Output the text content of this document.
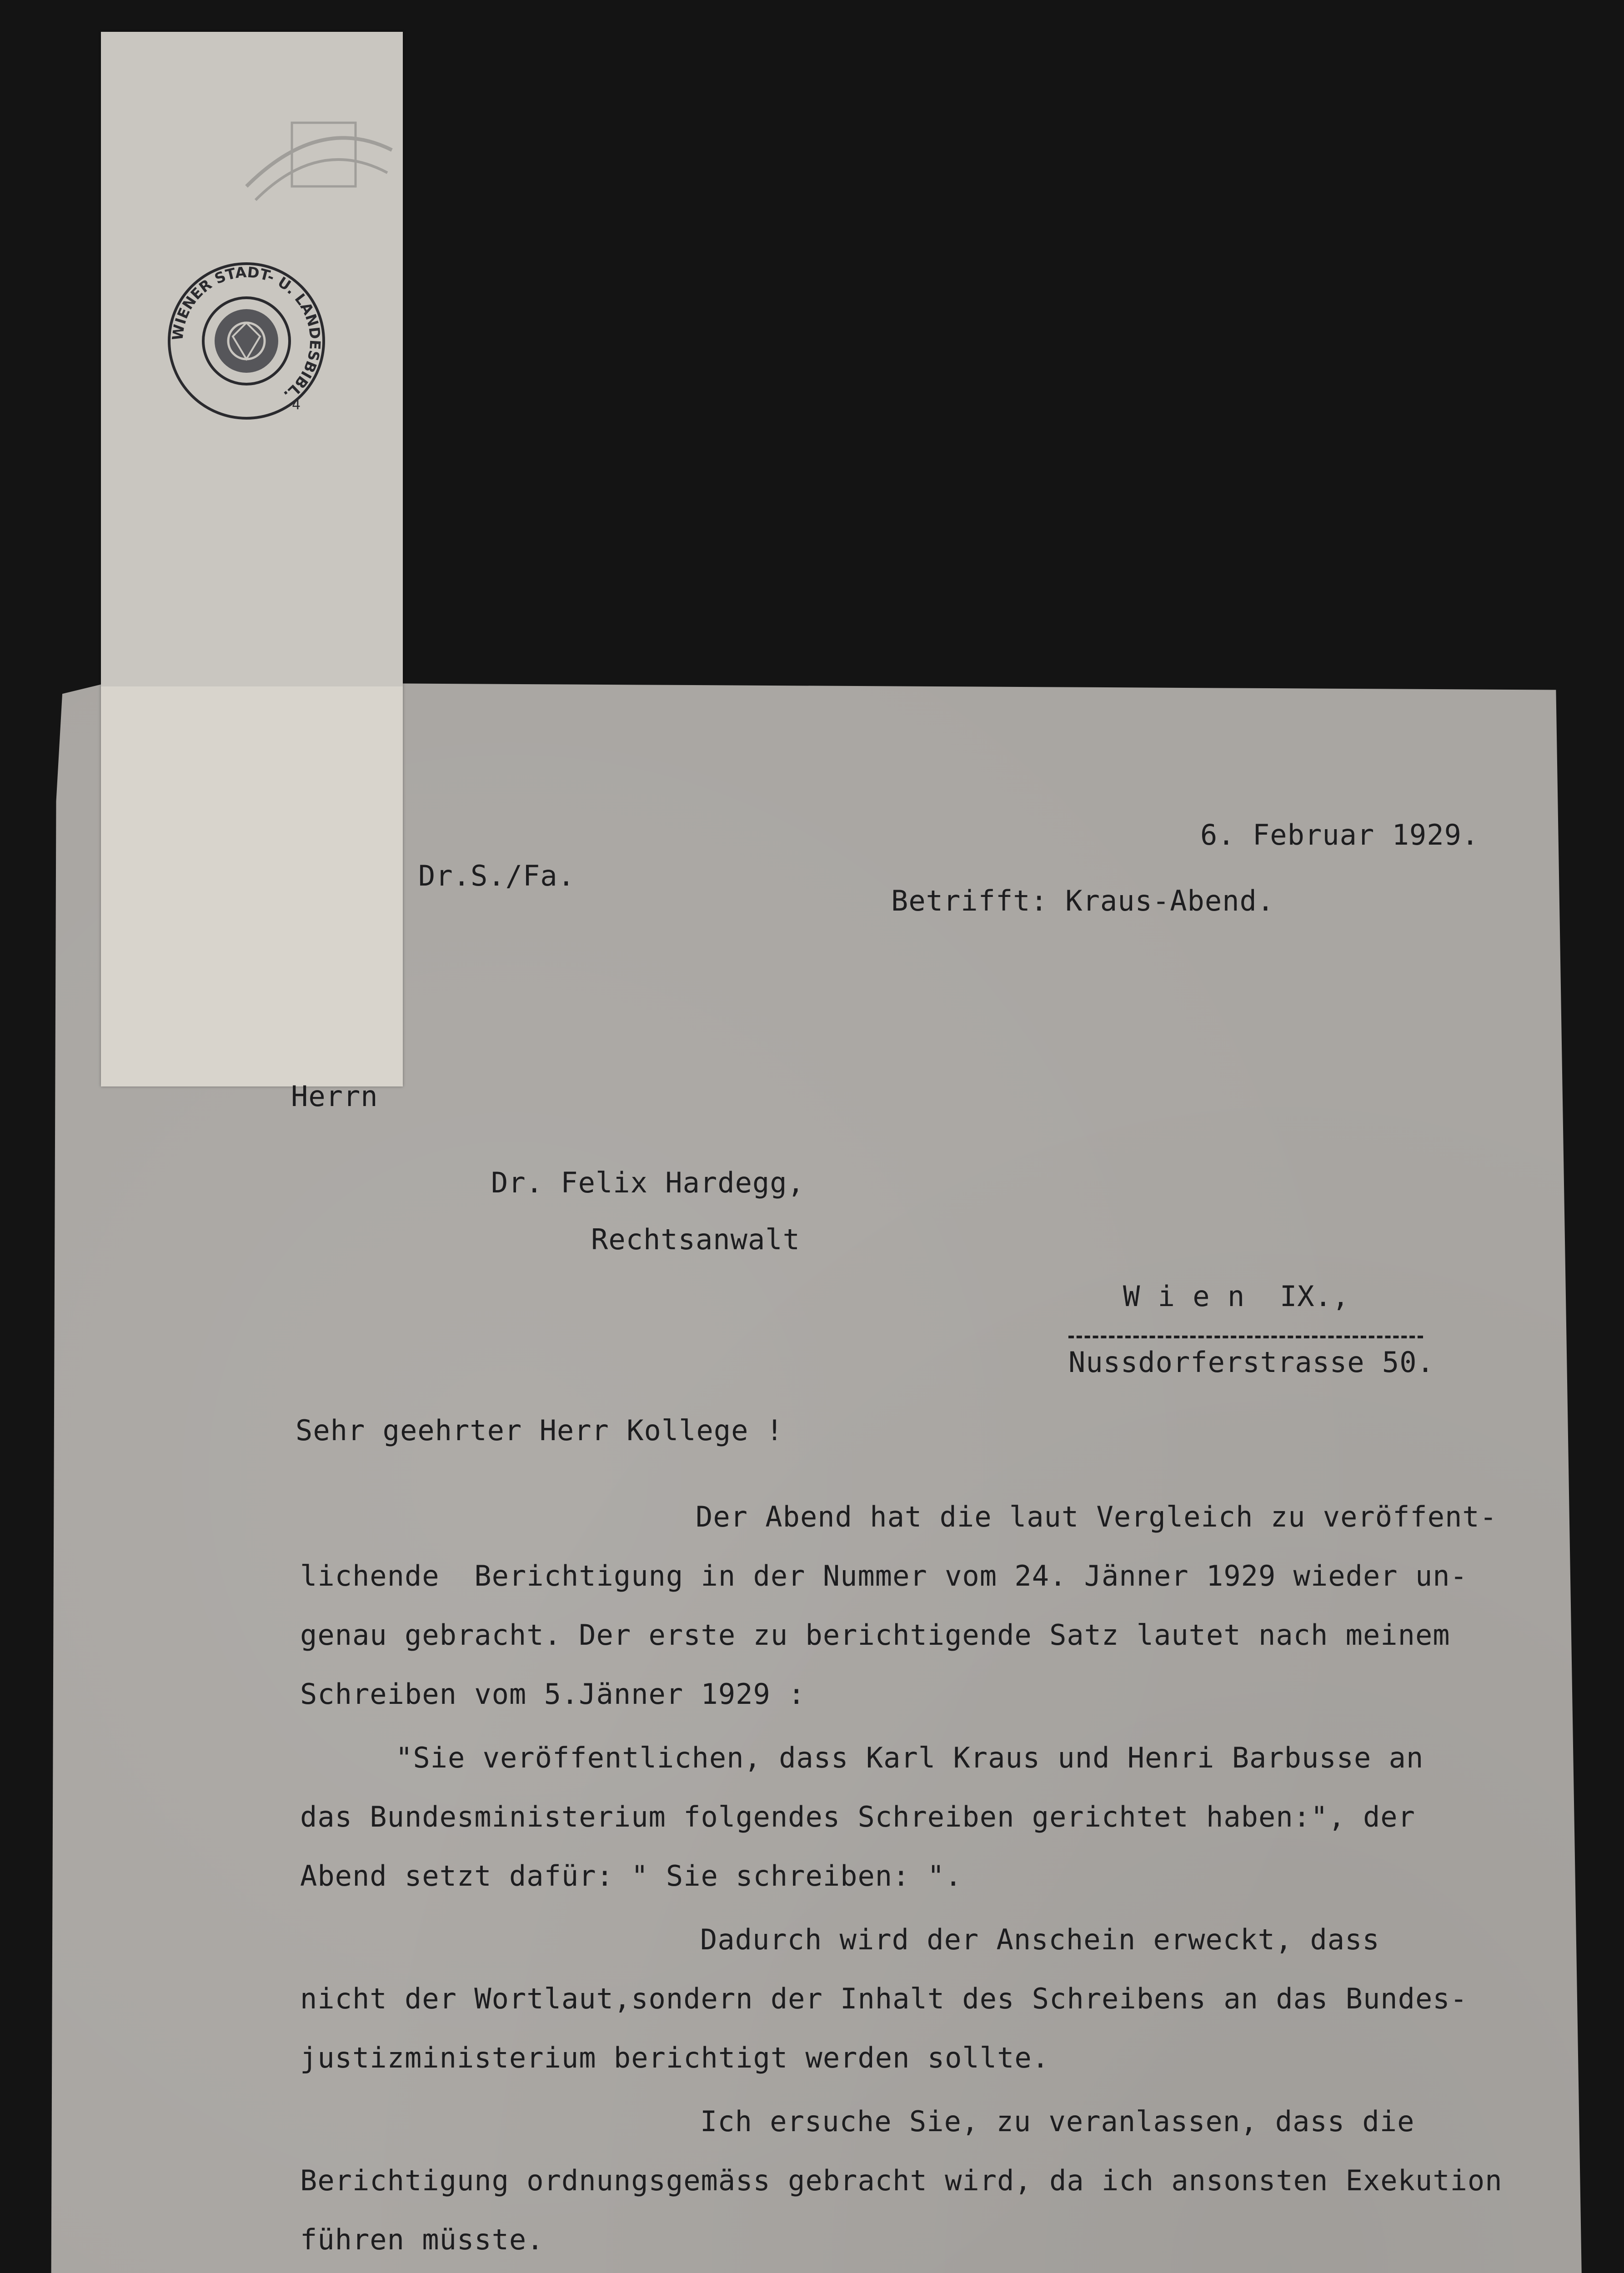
WIENER STADT- U. LANDESBIBL.
4
6. Februar 1929.
Dr.S./Fa.
Betrifft: Kraus-Abend.
Herrn
Dr. Felix Hardegg,
Rechtsanwalt
W i e n  IX.,
Nussdorferstrasse 50.
Sehr geehrter Herr Kollege !
Der Abend hat die laut Vergleich zu veröffent-
lichende  Berichtigung in der Nummer vom 24. Jänner 1929 wieder un-
genau gebracht. Der erste zu berichtigende Satz lautet nach meinem
Schreiben vom 5.Jänner 1929 :
"Sie veröffentlichen, dass Karl Kraus und Henri Barbusse an
das Bundesministerium folgendes Schreiben gerichtet haben:", der
Abend setzt dafür: " Sie schreiben: ".
Dadurch wird der Anschein erweckt, dass
nicht der Wortlaut,sondern der Inhalt des Schreibens an das Bundes-
justizministerium berichtigt werden sollte.
Ich ersuche Sie, zu veranlassen, dass die
Berichtigung ordnungsgemäss gebracht wird, da ich ansonsten Exekution
führen müsste.
